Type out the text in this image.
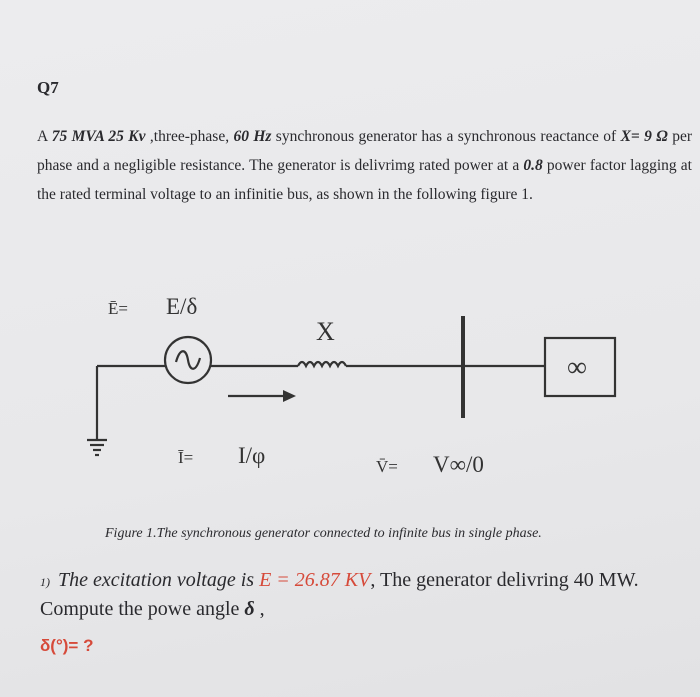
Q7
A 75 MVA 25 Kv ,three-phase, 60 Hz synchronous generator has a synchronous reactance of X= 9 Ω per phase and a negligible resistance. The generator is delivrimg rated power at a 0.8 power factor lagging at the rated terminal voltage to an infinitie bus, as shown in the following figure 1.
Ē= E/δ
X
Ī= I/φ	V̄= V∞/0
∞
Figure 1.The synchronous generator connected to infinite bus in single phase.
1) The excitation voltage is E = 26.87 KV, The generator delivring 40 MW. Compute the powe angle δ ,
δ(°)= ?
